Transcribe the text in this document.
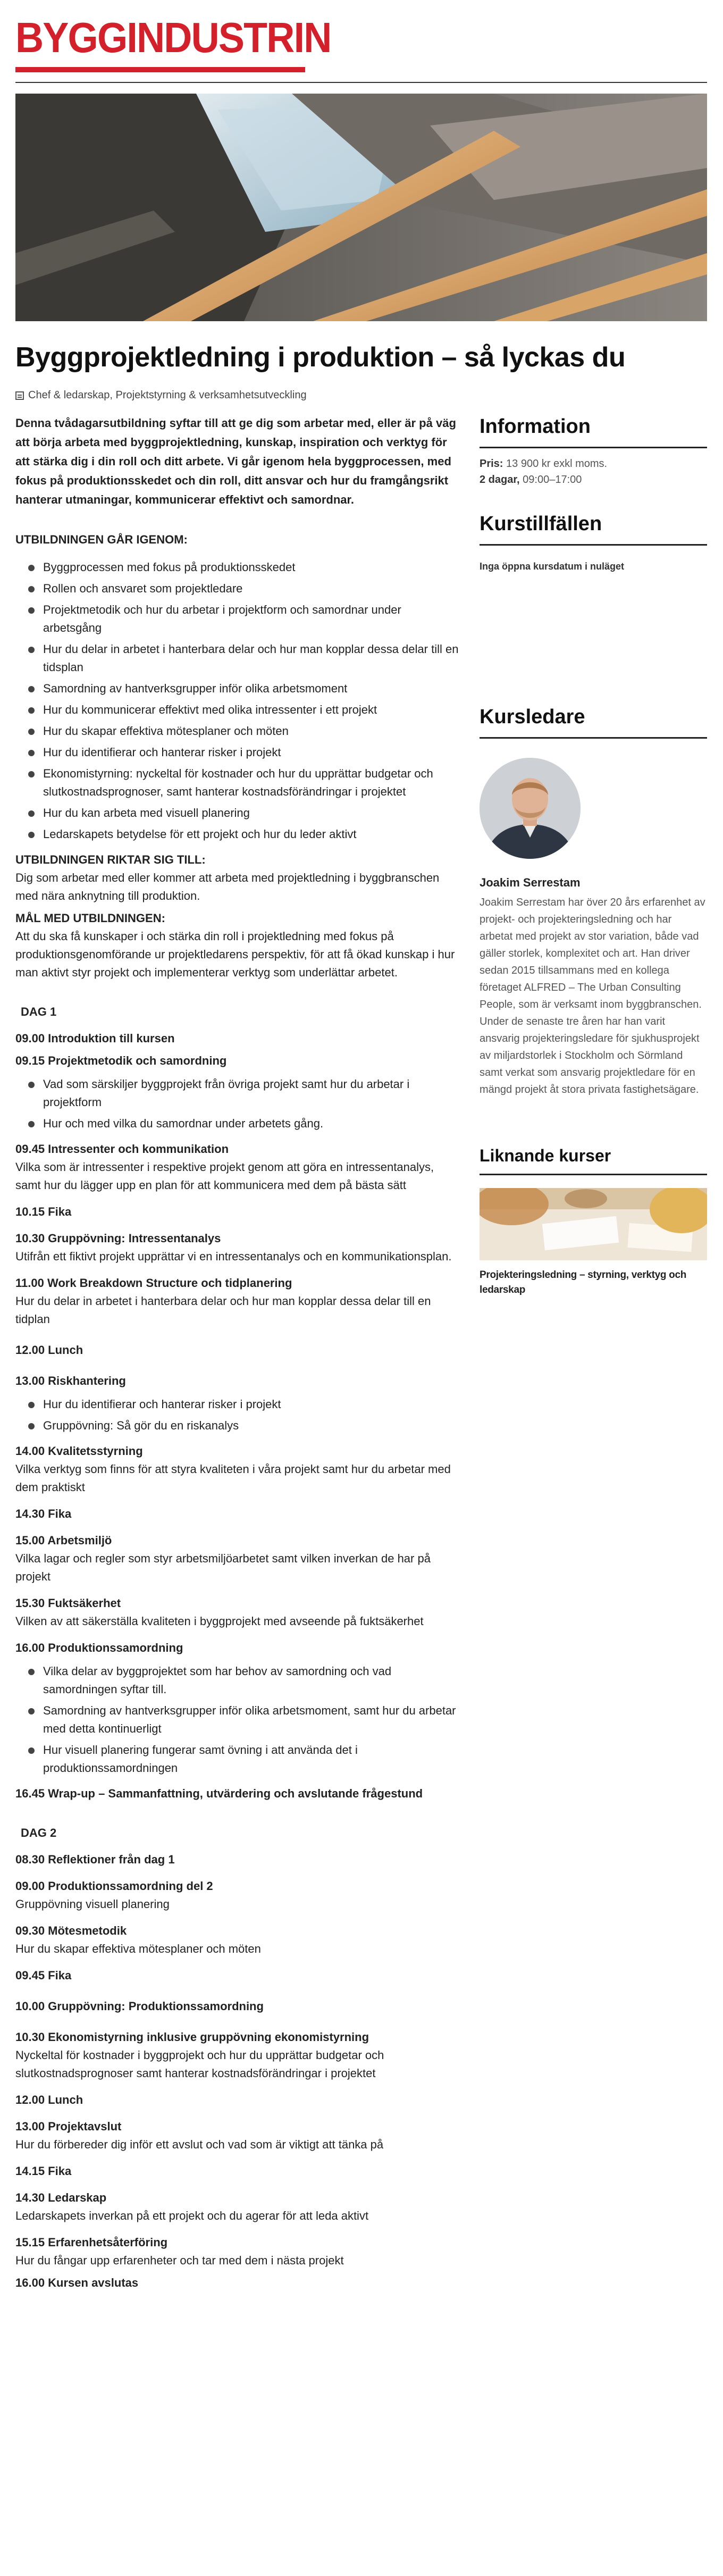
BYGGINDUSTRIN
Byggprojektledning i produktion – så lyckas du
Chef & ledarskap, Projektstyrning & verksamhetsutveckling

Denna tvådagarsutbildning syftar till att ge dig som arbetar med, eller är på väg att börja arbeta med byggprojektledning, kunskap, inspiration och verktyg för att stärka dig i din roll och ditt arbete. Vi går igenom hela byggprocessen, med fokus på produktionsskedet och din roll, ditt ansvar och hur du framgångsrikt hanterar utmaningar, kommunicerar effektivt och samordnar.

UTBILDNINGEN GÅR IGENOM:

Byggprocessen med fokus på produktionsskedet
Rollen och ansvaret som projektledare
Projektmetodik och hur du arbetar i projektform och samordnar under arbetsgång
Hur du delar in arbetet i hanterbara delar och hur man kopplar dessa delar till en tidsplan
Samordning av hantverksgrupper inför olika arbetsmoment
Hur du kommunicerar effektivt med olika intressenter i ett projekt
Hur du skapar effektiva mötesplaner och möten
Hur du identifierar och hanterar risker i projekt
Ekonomistyrning: nyckeltal för kostnader och hur du upprättar budgetar och slutkostnadsprognoser, samt hanterar kostnadsförändringar i projektet
Hur du kan arbeta med visuell planering
Ledarskapets betydelse för ett projekt och hur du leder aktivt

UTBILDNINGEN RIKTAR SIG TILL:

Dig som arbetar med eller kommer att arbeta med projektledning i byggbranschen med nära anknytning till produktion.

MÅL MED UTBILDNINGEN:

Att du ska få kunskaper i och stärka din roll i projektledning med fokus på produktionsgenomförande ur projektledarens perspektiv, för att få ökad kunskap i hur man aktivt styr projekt och implementerar verktyg som underlättar arbetet.

DAG 1

09.00 Introduktion till kursen

09.15 Projektmetodik och samordning

Vad som särskiljer byggprojekt från övriga projekt samt hur du arbetar i projektform
Hur och med vilka du samordnar under arbetets gång.

09.45 Intressenter och kommunikation

Vilka som är intressenter i respektive projekt genom att göra en intressentanalys, samt hur du lägger upp en plan för att kommunicera med dem på bästa sätt

10.15 Fika

10.30 Gruppövning: Intressentanalys

Utifrån ett fiktivt projekt upprättar vi en intressentanalys och en kommunikationsplan.

11.00 Work Breakdown Structure och tidplanering

Hur du delar in arbetet i hanterbara delar och hur man kopplar dessa delar till en tidplan

12.00 Lunch

13.00 Riskhantering

Hur du identifierar och hanterar risker i projekt
Gruppövning: Så gör du en riskanalys

14.00 Kvalitetsstyrning

Vilka verktyg som finns för att styra kvaliteten i våra projekt samt hur du arbetar med dem praktiskt

14.30 Fika

15.00 Arbetsmiljö

Vilka lagar och regler som styr arbetsmiljöarbetet samt vilken inverkan de har på projekt

15.30 Fuktsäkerhet

Vilken av att säkerställa kvaliteten i byggprojekt med avseende på fuktsäkerhet

16.00 Produktionssamordning

Vilka delar av byggprojektet som har behov av samordning och vad samordningen syftar till.
Samordning av hantverksgrupper inför olika arbetsmoment, samt hur du arbetar med detta kontinuerligt
Hur visuell planering fungerar samt övning i att använda det i produktionssamordningen

16.45 Wrap-up – Sammanfattning, utvärdering och avslutande frågestund

DAG 2

08.30 Reflektioner från dag 1

09.00 Produktionssamordning del 2

Gruppövning visuell planering

09.30 Mötesmetodik

Hur du skapar effektiva mötesplaner och möten

09.45 Fika

10.00 Gruppövning: Produktionssamordning

10.30 Ekonomistyrning inklusive gruppövning ekonomistyrning

Nyckeltal för kostnader i byggprojekt och hur du upprättar budgetar och slutkostnadsprognoser samt hanterar kostnadsförändringar i projektet

12.00 Lunch

13.00 Projektavslut

Hur du förbereder dig inför ett avslut och vad som är viktigt att tänka på

14.15 Fika

14.30 Ledarskap

Ledarskapets inverkan på ett projekt och du agerar för att leda aktivt

15.15 Erfarenhetsåterföring

Hur du fångar upp erfarenheter och tar med dem i nästa projekt

16.00 Kursen avslutas

Information

Pris: 13 900 kr exkl moms.
2 dagar, 09:00–17:00

Kurstillfällen

Inga öppna kursdatum i nuläget

Kursledare

Joakim Serrestam

Joakim Serrestam har över 20 års erfarenhet av projekt- och projekteringsledning och har arbetat med projekt av stor variation, både vad gäller storlek, komplexitet och art. Han driver sedan 2015 tillsammans med en kollega företaget ALFRED – The Urban Consulting People, som är verksamt inom byggbranschen. Under de senaste tre åren har han varit ansvarig projekteringsledare för sjukhusprojekt av miljardstorlek i Stockholm och Sörmland samt verkat som ansvarig projektledare för en mängd projekt åt stora privata fastighetsägare.

Liknande kurser

Projekteringsledning – styrning, verktyg och ledarskap
